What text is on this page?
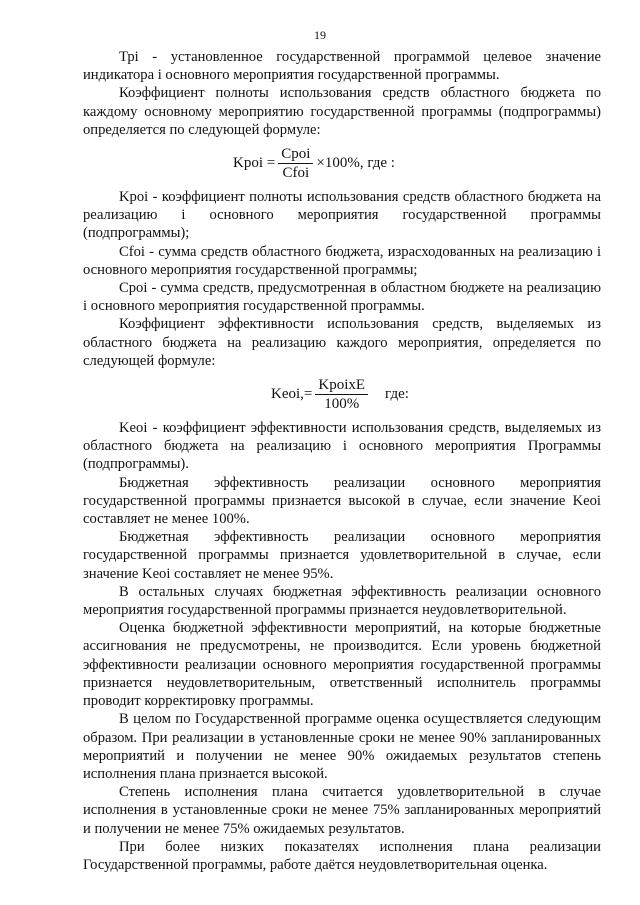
19

Трi - установленное государственной программой целевое значение индикатора i основного мероприятия государственной программы.

Коэффициент полноты использования средств областного бюджета по каждому основному мероприятию государственной программы (подпрограммы) определяется по следующей формуле:

Kpoi = $\frac{\text{Cpoi}}{\text{Cfoi}} \times 100\%$, где :

Kpoi - коэффициент полноты использования средств областного бюджета на реализацию i основного мероприятия государственной программы (подпрограммы);

Cfoi - сумма средств областного бюджета, израсходованных на реализацию i основного мероприятия государственной программы;

Cpoi - сумма средств, предусмотренная в областном бюджете на реализацию i основного мероприятия государственной программы.

Коэффициент эффективности использования средств, выделяемых из областного бюджета на реализацию каждого мероприятия, определяется по следующей формуле:

Keoi,= $\frac{\text{KpoixE}}{100\%}$ где:

Keoi - коэффициент эффективности использования средств, выделяемых из областного бюджета на реализацию i основного мероприятия Программы (подпрограммы).

Бюджетная эффективность реализации основного мероприятия государственной программы признается высокой в случае, если значение Keoi составляет не менее 100%.

Бюджетная эффективность реализации основного мероприятия государственной программы признается удовлетворительной в случае, если значение Keoi составляет не менее 95%.

В остальных случаях бюджетная эффективность реализации основного мероприятия государственной программы признается неудовлетворительной.

Оценка бюджетной эффективности мероприятий, на которые бюджетные ассигнования не предусмотрены, не производится. Если уровень бюджетной эффективности реализации основного мероприятия государственной программы признается неудовлетворительным, ответственный исполнитель программы проводит корректировку программы.

В целом по Государственной программе оценка осуществляется следующим образом. При реализации в установленные сроки не менее 90% запланированных мероприятий и получении не менее 90% ожидаемых результатов степень исполнения плана признается высокой.

Степень исполнения плана считается удовлетворительной в случае исполнения в установленные сроки не менее 75% запланированных мероприятий и получении не менее 75% ожидаемых результатов.

При более низких показателях исполнения плана реализации Государственной программы, работе даётся неудовлетворительная оценка.
